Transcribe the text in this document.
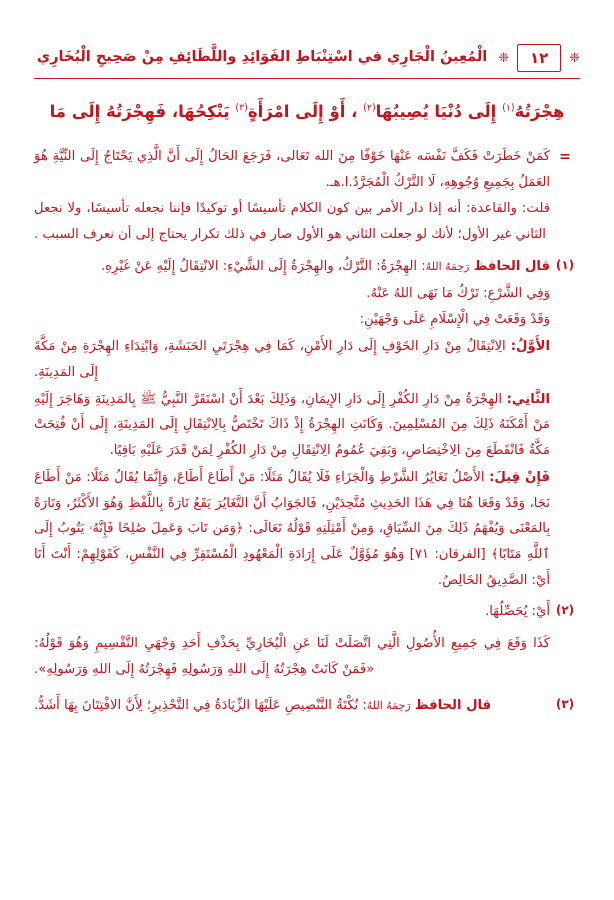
❈
١٢
❈
الْمُعِينُ الْجَارِي في اسْتِنْبَاطِ الفَوَائِدِ واللَّطَائِفِ مِنْ صَحِيحِ الْبُخَارِي
هِجْرَتُهُ$^{(١)}$ إِلَى دُنْيَا يُصِيبُهَا$^{(٢)}$ ، أَوْ إِلَى امْرَأَةٍ$^{(٣)}$ يَنْكِحُهَا، فَهِجْرَتُهُ إِلَى مَا
=
كَمَنْ خَطَرَتْ فَكَفَّ نَفْسَه عَنْهَا خَوْفًا مِنَ الله تَعَالى، فَرَجَعَ الحَالُ إِلَى أَنَّ الَّذِي يَحْتَاجُ إِلَى النِّيَّةِ هُوَ العَمَلُ بِجَمِيعِ وُجُوهِهِ، لَا التَّرْكُ الْمُجَرَّدُ.ا.هـ.
قلت: والقاعدة: أنه إذا دار الأمر بين كون الكلام تأسيسًا أو توكيدًا فإننا نجعله تأسيسًا، ولا نجعل الثاني غير الأول؛ لأنك لو جعلت الثاني هو الأول صار في ذلك تكرار يحتاج إلى أن نعرف السبب .
(١)
قال الحافظ رَحِمَهُ اللهُ: الهِجْرَةُ: التَّرْكُ، والهِجْرَةُ إِلَى الشَّيْءِ: الانْتِقَالُ إِلَيْهِ عَنْ غَيْرِهِ.
وَفِي الشَّرْعِ: تَرْكُ مَا نَهَى اللهُ عَنْهُ.
وَقَدْ وَقَعَتْ فِي الْإِسْلَامِ عَلَى وَجْهَيْنِ:
الأَوَّلُ: الِانْتِقَالُ مِنْ دَارِ الخَوْفِ إِلَى دَارِ الأَمْنِ، كَمَا فِي هِجْرَتَيِ الحَبَشَةِ، وَابْتِدَاءِ الهِجْرَةِ مِنْ مَكَّةَ إِلَى المَدِينَةِ.
الثَّانِي: الهِجْرَةُ مِنْ دَارِ الكُفْرِ إِلَى دَارِ الإِيمَانِ، وَذَلِكَ بَعْدَ أَنْ اسْتَقَرَّ النَّبِيُّ ﷺ بِالمَدِينَةِ وَهَاجَرَ إِلَيْهِ مَنْ أَمْكَنَهُ ذَلِكَ مِنَ المُسْلِمِينَ. وَكَانَتِ الهِجْرَةُ إِذْ ذَاكَ تَخْتَصُّ بِالِانْتِقَالِ إِلَى المَدِينَةِ، إِلَى أَنْ فُتِحَتْ مَكَّةُ فَانْقَطَعَ مِنَ الِاخْتِصَاصِ، وَبَقِيَ عُمُومُ الِانْتِقَالِ مِنْ دَارِ الكُفْرِ لِمَنْ قَدَرَ عَلَيْهِ بَاقِيًا.
فَإِنْ قِيلَ: الأَصْلُ تَغَايُرُ الشَّرْطِ وَالْجَزَاءِ فَلَا يُقَالُ مَثَلًا: مَنْ أَطَاعَ أَطَاعَ، وَإِنَّمَا يُقَالُ مَثَلًا: مَنْ أَطَاعَ نَجَا، وَقَدْ وَقَعَا هُنَا فِي هَذَا الحَدِيثِ مُتَّحِدَيْنِ، فَالجَوَابُ أَنَّ التَّغَايُرَ يَقَعُ تَارَةً بِاللَّفْظِ وَهُوَ الأَكْثَرُ، وَتَارَةً بِالمَعْنَى وَيُفْهَمُ ذَلِكَ مِنَ السِّيَاقِ، وَمِنْ أَمْثِلَتِهِ قَوْلُهُ تَعَالَى: ﴿وَمَن تَابَ وَعَمِلَ صَٰلِحًا فَإِنَّهُۥ يَتُوبُ إِلَى ٱللَّهِ مَتَابًا﴾ [الفرقان: ٧١] وَهُوَ مُؤَوَّلٌ عَلَى إِرَادَةِ الْمَعْهُودِ الْمُسْتَقِرِّ فِي النَّفْسِ، كَقَوْلِهِمْ: أَنْتَ أَنَا أَيْ: الصَّدِيقُ الخَالِصُ.
(٢)
أَيْ: يُحَصِّلُهَا.
كَذَا وَقَعَ فِي جَمِيعِ الأُصُولِ الَّتِي اتَّصَلَتْ لَنَا عَنِ الْبُخَارِيِّ بِحَذْفِ أَحَدِ وَجْهَيِ التَّقْسِيمِ وَهُوَ قَوْلُهُ: «فَمَنْ كَانَتْ هِجْرَتُهُ إِلَى اللهِ وَرَسُولِهِ فَهِجْرَتُهُ إِلَى اللهِ وَرَسُولِهِ».
(٣)
قال الحافظ رَحِمَهُ اللهُ: نُكْتَةُ التَّنْصِيصِ عَلَيْهَا الزِّيَادَةُ فِي التَّحْذِيرِ؛ لِأَنَّ الافْتِتَانَ بِهَا أَشَدُّ.
